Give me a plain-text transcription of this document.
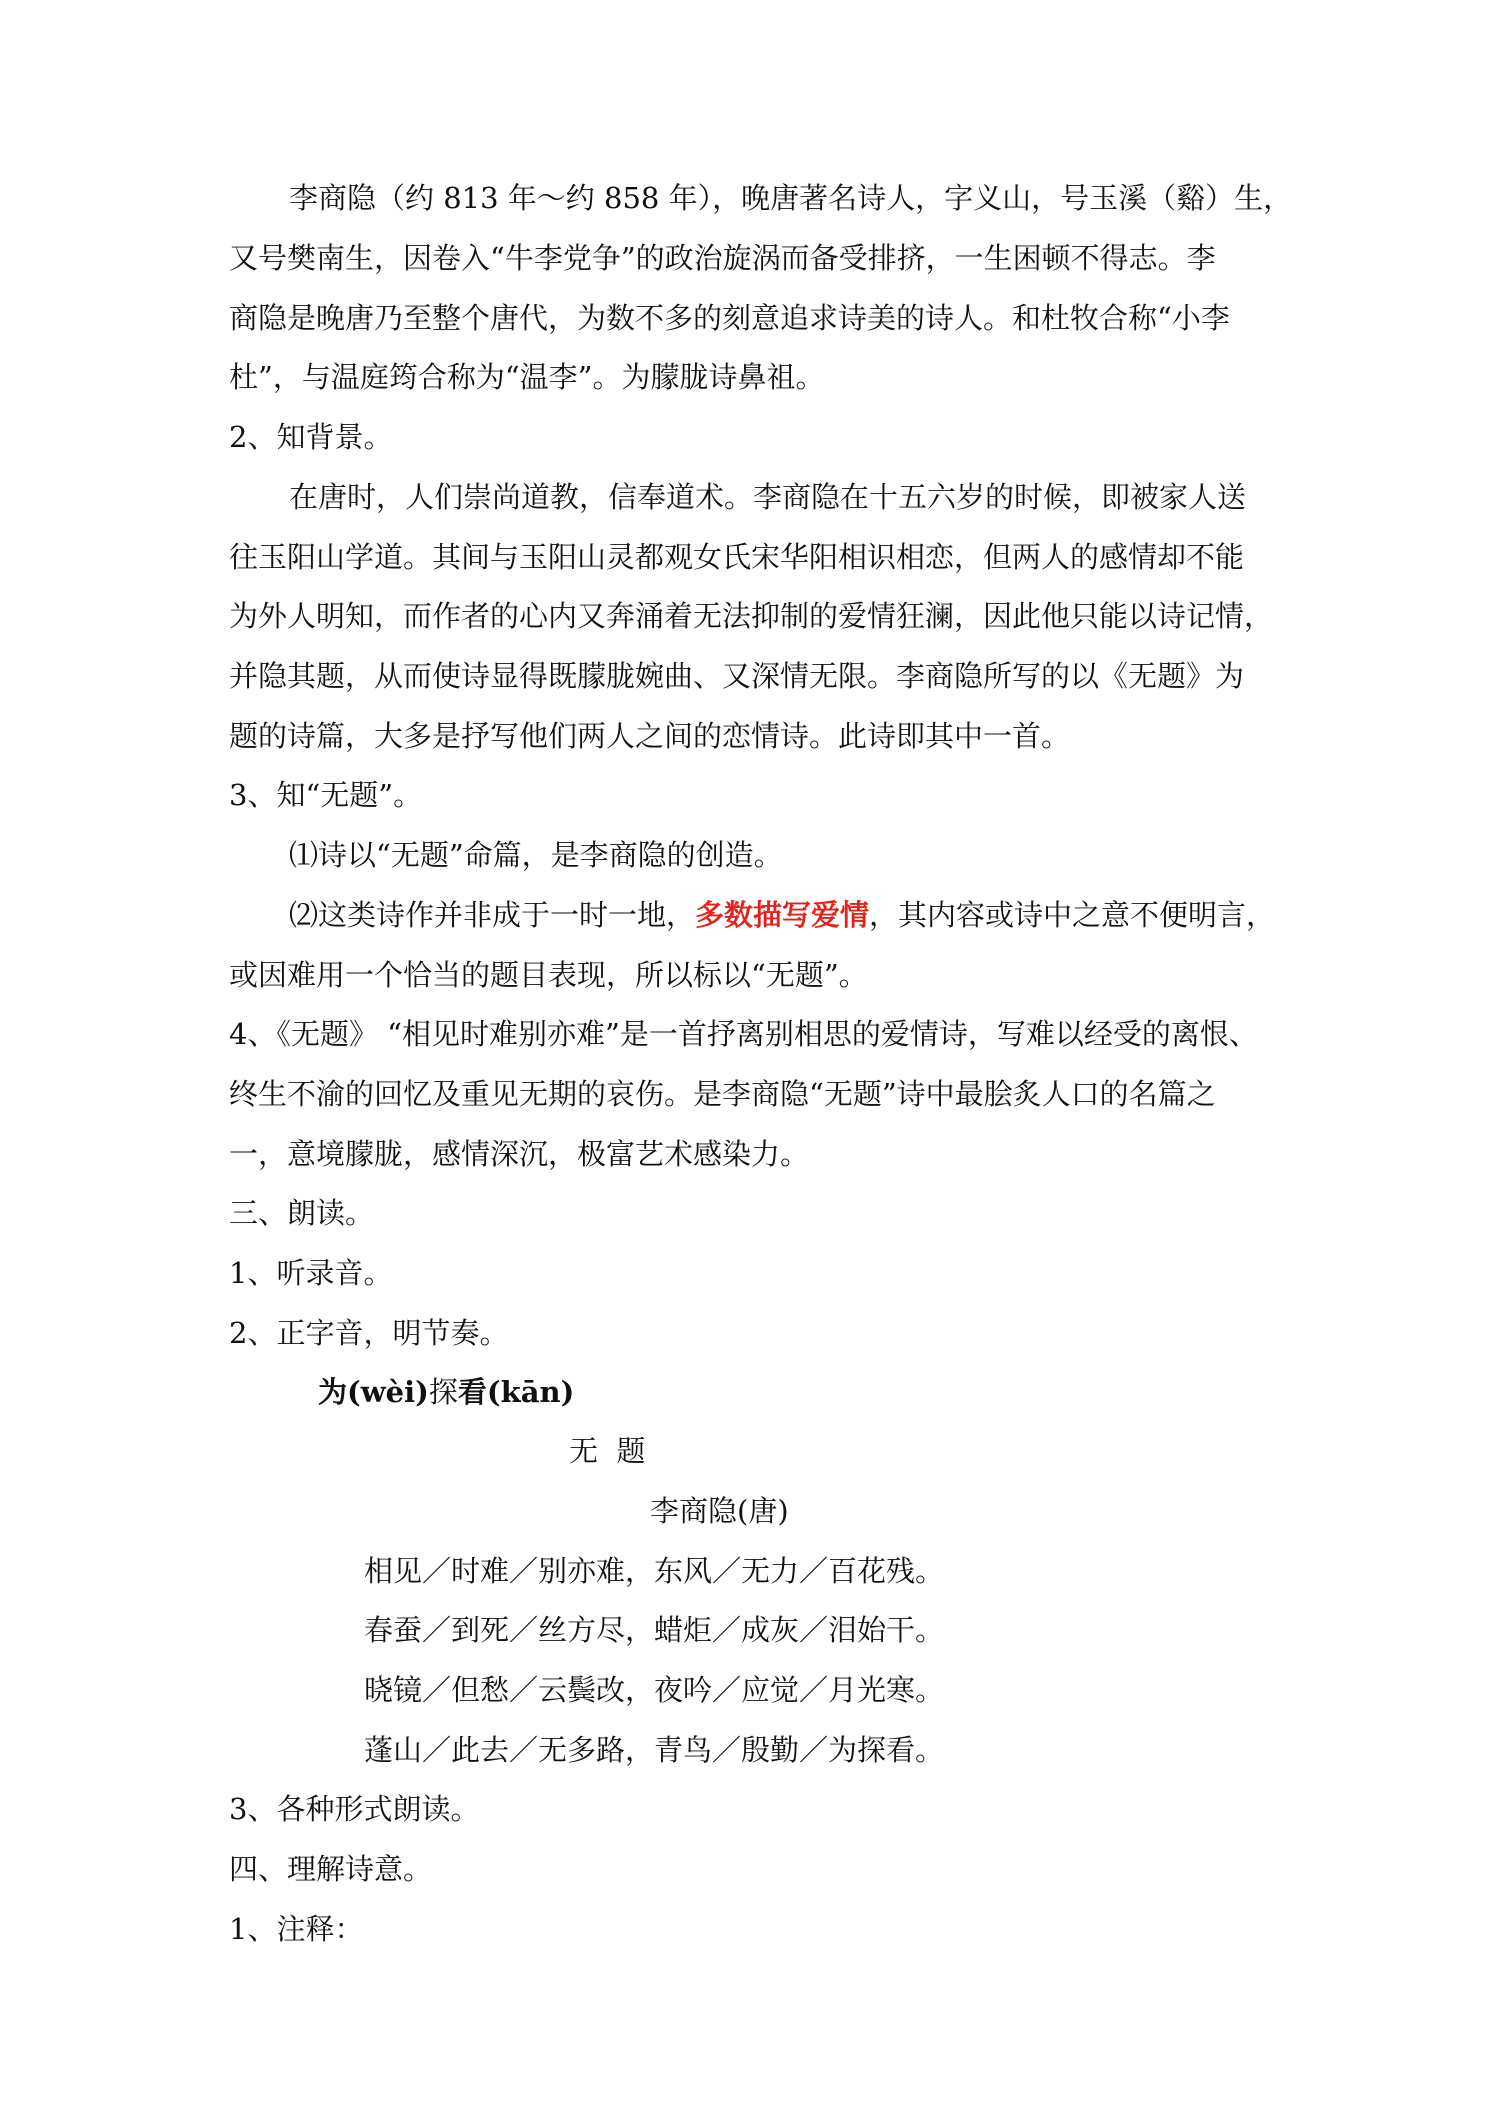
李商隐（约 813 年～约 858 年），晚唐著名诗人，字义山，号玉溪（谿）生，
又号樊南生，因卷入“牛李党争”的政治旋涡而备受排挤，一生困顿不得志。李
商隐是晚唐乃至整个唐代，为数不多的刻意追求诗美的诗人。和杜牧合称“小李
杜”，与温庭筠合称为“温李”。为朦胧诗鼻祖。
2、知背景。
在唐时，人们崇尚道教，信奉道术。李商隐在十五六岁的时候，即被家人送
往玉阳山学道。其间与玉阳山灵都观女氏宋华阳相识相恋，但两人的感情却不能
为外人明知，而作者的心内又奔涌着无法抑制的爱情狂澜，因此他只能以诗记情，
并隐其题，从而使诗显得既朦胧婉曲、又深情无限。李商隐所写的以《无题》为
题的诗篇，大多是抒写他们两人之间的恋情诗。此诗即其中一首。
3、知“无题”。
⑴诗以“无题”命篇，是李商隐的创造。
⑵这类诗作并非成于一时一地，多数描写爱情，其内容或诗中之意不便明言，
或因难用一个恰当的题目表现，所以标以“无题”。
4、《无题》 “相见时难别亦难”是一首抒离别相思的爱情诗，写难以经受的离恨、
终生不渝的回忆及重见无期的哀伤。是李商隐“无题”诗中最脍炙人口的名篇之
一，意境朦胧，感情深沉，极富艺术感染力。
三、朗读。
1、听录音。
2、正字音，明节奏。
为(wèi)探看(kān)
无  题
李商隐(唐)
相见／时难／别亦难，东风／无力／百花残。
春蚕／到死／丝方尽，蜡炬／成灰／泪始干。
晓镜／但愁／云鬓改，夜吟／应觉／月光寒。
蓬山／此去／无多路，青鸟／殷勤／为探看。
3、各种形式朗读。
四、理解诗意。
1、注释：
